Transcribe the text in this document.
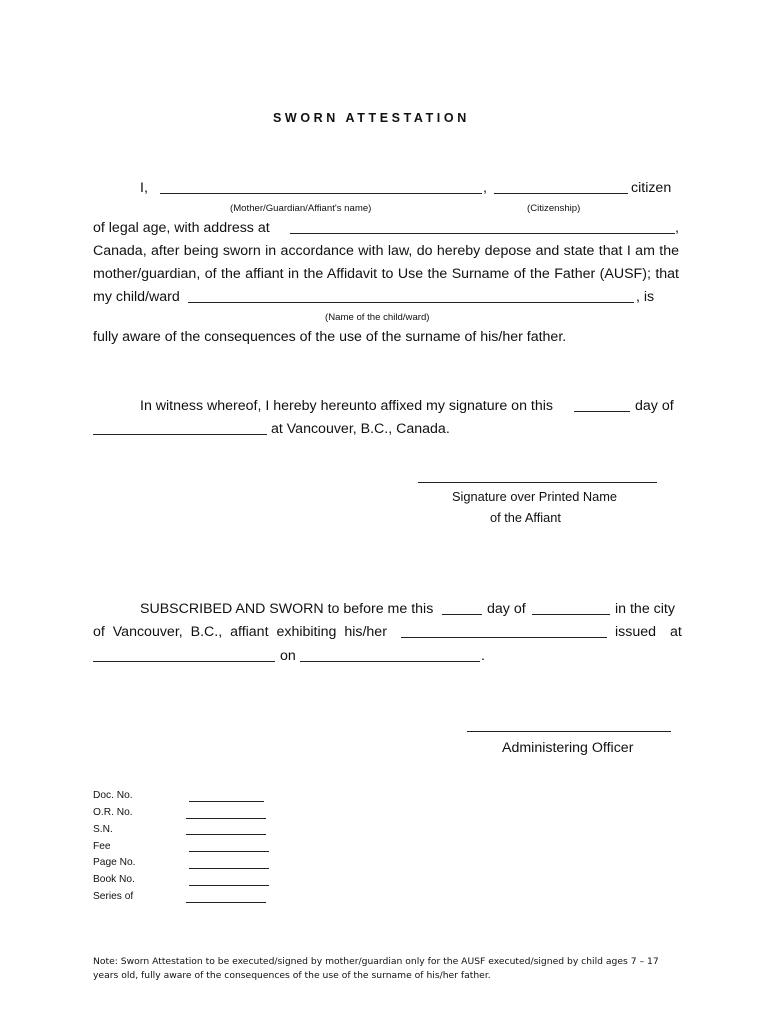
SWORN ATTESTATION
I,	,	citizen
(Mother/Guardian/Affiant's name)	(Citizenship)
of legal age, with address at	,
Canada, after being sworn in accordance with law, do hereby depose and state that I am the
mother/guardian, of the affiant in the Affidavit to Use the Surname of the Father (AUSF); that
my child/ward	, is
(Name of the child/ward)
fully aware of the consequences of the use of the surname of his/her father.
In witness whereof, I hereby hereunto affixed my signature on this	day of
at Vancouver, B.C., Canada.
Signature over Printed Name
of the Affiant
SUBSCRIBED AND SWORN to before me this	day of	in the city
of Vancouver, B.C., affiant exhibiting his/her	issued at
on	.
Administering Officer
Doc. No.
O.R. No.
S.N.
Fee
Page No.
Book No.
Series of
Note: Sworn Attestation to be executed/signed by mother/guardian only for the AUSF executed/signed by child ages 7 – 17 years old, fully aware of the consequences of the use of the surname of his/her father.
